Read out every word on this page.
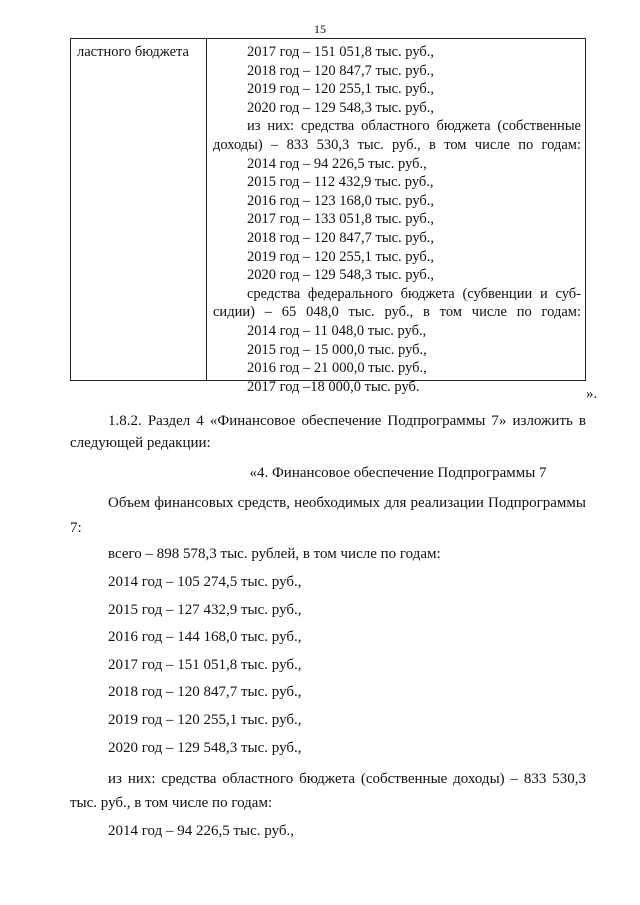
15
ластного бюджета	2017 год – 151 051,8 тыс. руб.,
2018 год – 120 847,7 тыс. руб.,
2019 год – 120 255,1 тыс. руб.,
2020 год – 129 548,3 тыс. руб.,
из них: средства областного бюджета (собственные
доходы) – 833 530,3 тыс. руб., в том числе по годам:
2014 год – 94 226,5 тыс. руб.,
2015 год – 112 432,9 тыс. руб.,
2016 год – 123 168,0 тыс. руб.,
2017 год – 133 051,8 тыс. руб.,
2018 год – 120 847,7 тыс. руб.,
2019 год – 120 255,1 тыс. руб.,
2020 год – 129 548,3 тыс. руб.,
средства федерального бюджета (субвенции и суб-
сидии) – 65 048,0 тыс. руб., в том числе по годам:
2014 год – 11 048,0 тыс. руб.,
2015 год – 15 000,0 тыс. руб.,
2016 год – 21 000,0 тыс. руб.,
2017 год –18 000,0 тыс. руб.	».
1.8.2. Раздел 4 «Финансовое обеспечение Подпрограммы 7» изложить в следующей редакции:
«4. Финансовое обеспечение Подпрограммы 7
Объем финансовых средств, необходимых для реализации Подпрограммы 7:
всего – 898 578,3 тыс. рублей, в том числе по годам:
2014 год – 105 274,5 тыс. руб.,
2015 год – 127 432,9 тыс. руб.,
2016 год – 144 168,0 тыс. руб.,
2017 год – 151 051,8 тыс. руб.,
2018 год – 120 847,7 тыс. руб.,
2019 год – 120 255,1 тыс. руб.,
2020 год – 129 548,3 тыс. руб.,
из них: средства областного бюджета (собственные доходы) – 833 530,3 тыс. руб., в том числе по годам:
2014 год – 94 226,5 тыс. руб.,
